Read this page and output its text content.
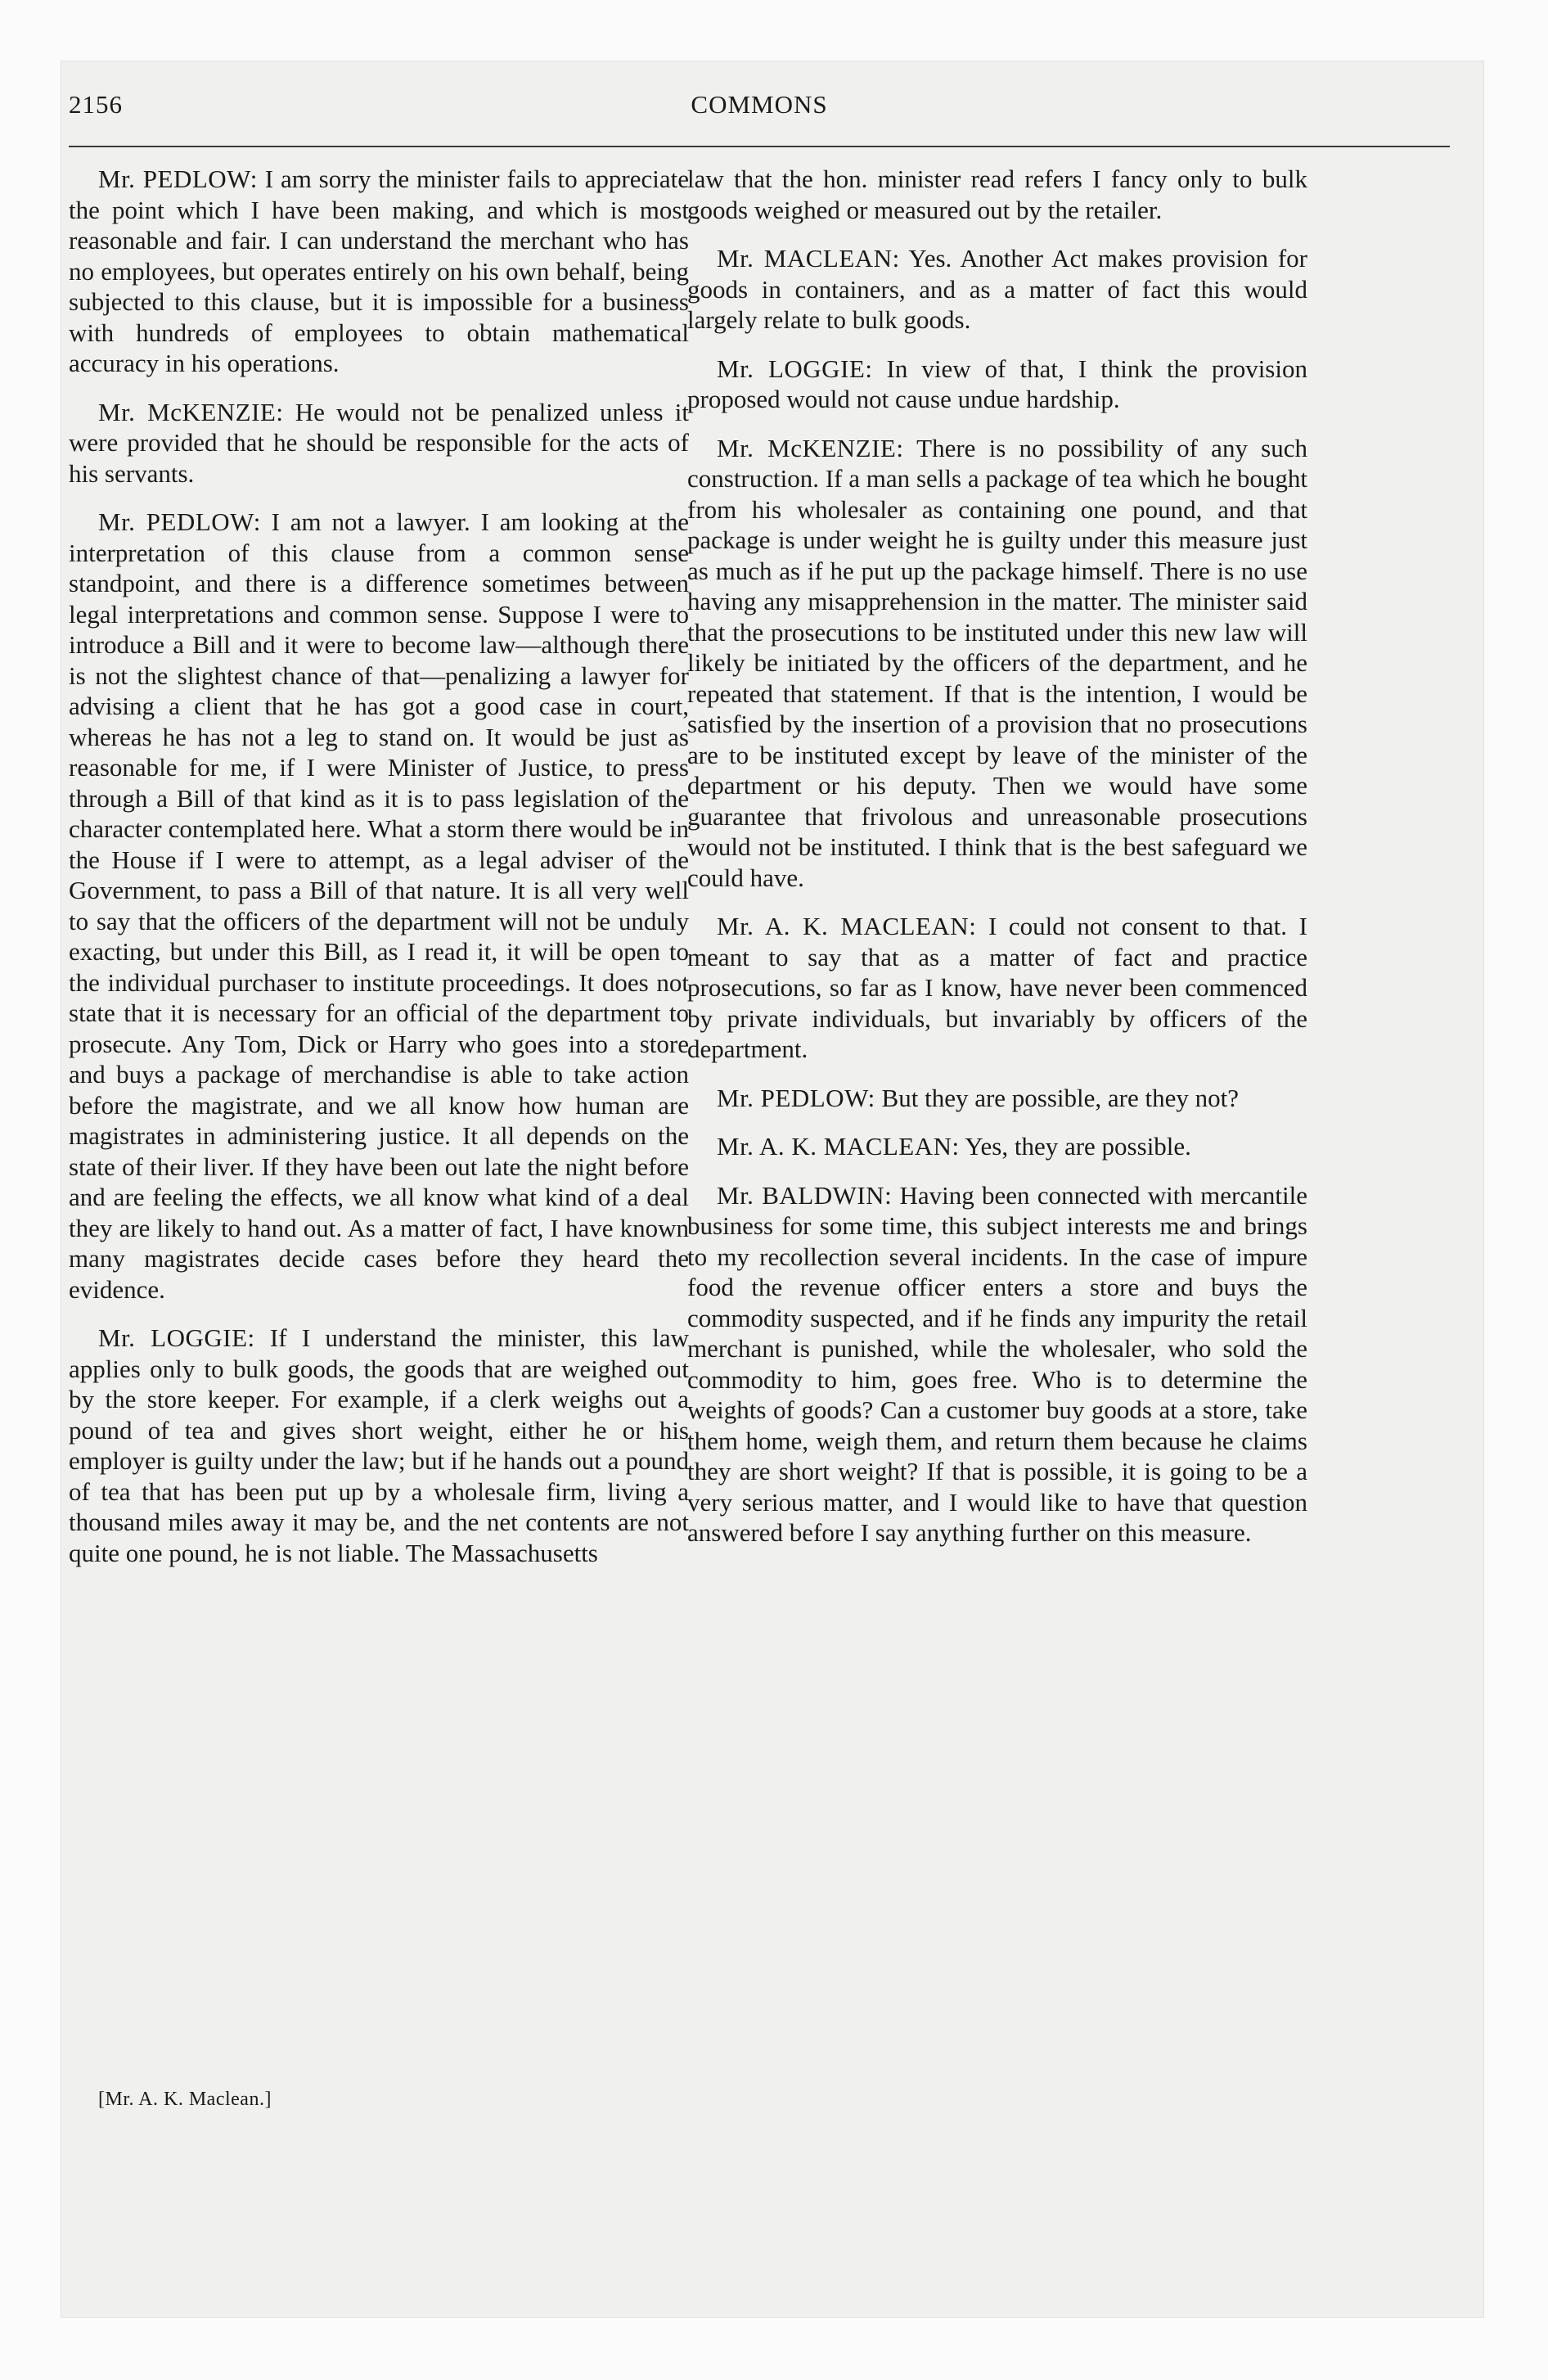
2156	COMMONS

Mr. PEDLOW: I am sorry the minister fails to appreciate the point which I have been making, and which is most reasonable and fair. I can understand the merchant who has no employees, but operates entirely on his own behalf, being subjected to this clause, but it is impossible for a business with hundreds of employees to obtain mathematical accuracy in his operations.

Mr. McKENZIE: He would not be penalized unless it were provided that he should be responsible for the acts of his servants.

Mr. PEDLOW: I am not a lawyer. I am looking at the interpretation of this clause from a common sense standpoint, and there is a difference sometimes between legal interpretations and common sense. Suppose I were to introduce a Bill and it were to become law—although there is not the slightest chance of that—penalizing a lawyer for advising a client that he has got a good case in court, whereas he has not a leg to stand on. It would be just as reasonable for me, if I were Minister of Justice, to press through a Bill of that kind as it is to pass legislation of the character contemplated here. What a storm there would be in the House if I were to attempt, as a legal adviser of the Government, to pass a Bill of that nature. It is all very well to say that the officers of the department will not be unduly exacting, but under this Bill, as I read it, it will be open to the individual purchaser to institute proceedings. It does not state that it is necessary for an official of the department to prosecute. Any Tom, Dick or Harry who goes into a store and buys a package of merchandise is able to take action before the magistrate, and we all know how human are magistrates in administering justice. It all depends on the state of their liver. If they have been out late the night before and are feeling the effects, we all know what kind of a deal they are likely to hand out. As a matter of fact, I have known many magistrates decide cases before they heard the evidence.

Mr. LOGGIE: If I understand the minister, this law applies only to bulk goods, the goods that are weighed out by the store keeper. For example, if a clerk weighs out a pound of tea and gives short weight, either he or his employer is guilty under the law; but if he hands out a pound of tea that has been put up by a wholesale firm, living a thousand miles away it may be, and the net contents are not quite one pound, he is not liable. The Massachusetts

law that the hon. minister read refers I fancy only to bulk goods weighed or measured out by the retailer.

Mr. MACLEAN: Yes. Another Act makes provision for goods in containers, and as a matter of fact this would largely relate to bulk goods.

Mr. LOGGIE: In view of that, I think the provision proposed would not cause undue hardship.

Mr. McKENZIE: There is no possibility of any such construction. If a man sells a package of tea which he bought from his wholesaler as containing one pound, and that package is under weight he is guilty under this measure just as much as if he put up the package himself. There is no use having any misapprehension in the matter. The minister said that the prosecutions to be instituted under this new law will likely be initiated by the officers of the department, and he repeated that statement. If that is the intention, I would be satisfied by the insertion of a provision that no prosecutions are to be instituted except by leave of the minister of the department or his deputy. Then we would have some guarantee that frivolous and unreasonable prosecutions would not be instituted. I think that is the best safeguard we could have.

Mr. A. K. MACLEAN: I could not consent to that. I meant to say that as a matter of fact and practice prosecutions, so far as I know, have never been commenced by private individuals, but invariably by officers of the department.

Mr. PEDLOW: But they are possible, are they not?

Mr. A. K. MACLEAN: Yes, they are possible.

Mr. BALDWIN: Having been connected with mercantile business for some time, this subject interests me and brings to my recollection several incidents. In the case of impure food the revenue officer enters a store and buys the commodity suspected, and if he finds any impurity the retail merchant is punished, while the wholesaler, who sold the commodity to him, goes free. Who is to determine the weights of goods? Can a customer buy goods at a store, take them home, weigh them, and return them because he claims they are short weight? If that is possible, it is going to be a very serious matter, and I would like to have that question answered before I say anything further on this measure.

[Mr. A. K. Maclean.]
